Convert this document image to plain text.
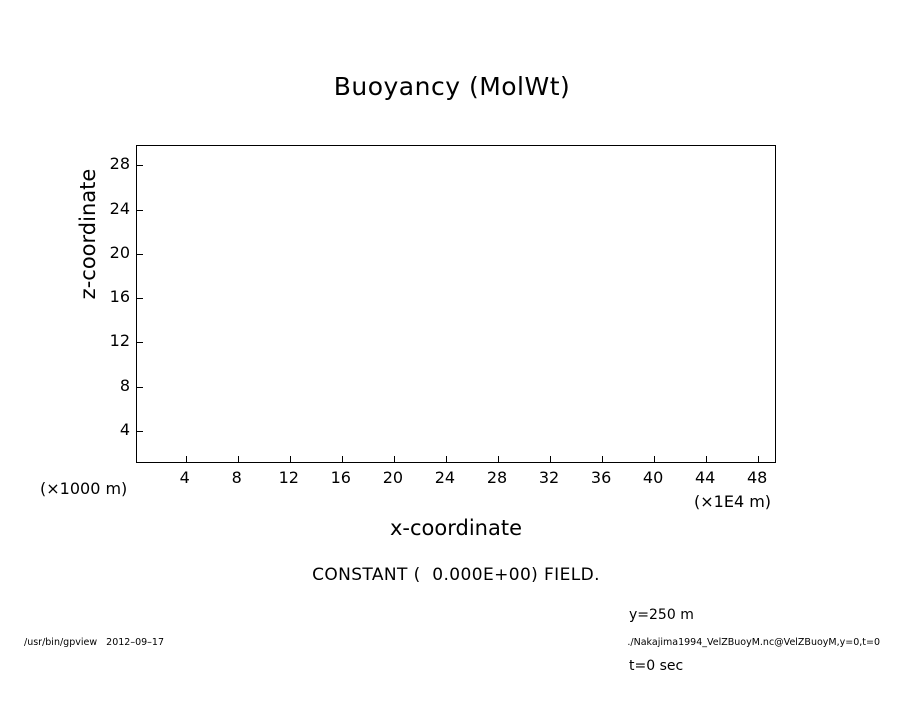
Buoyancy (MolWt)
4	8	12	16	20	24	28	32	36	40	44	48
4
8
12
16
20
24
28
x-coordinate
z-coordinate
(×1000 m)
(×1E4 m)
CONSTANT (  0.000E+00) FIELD.

y=250 m

t=0 sec

/usr/bin/gpview   2012–09–17	./Nakajima1994_VelZBuoyM.nc@VelZBuoyM,y=0,t=0
